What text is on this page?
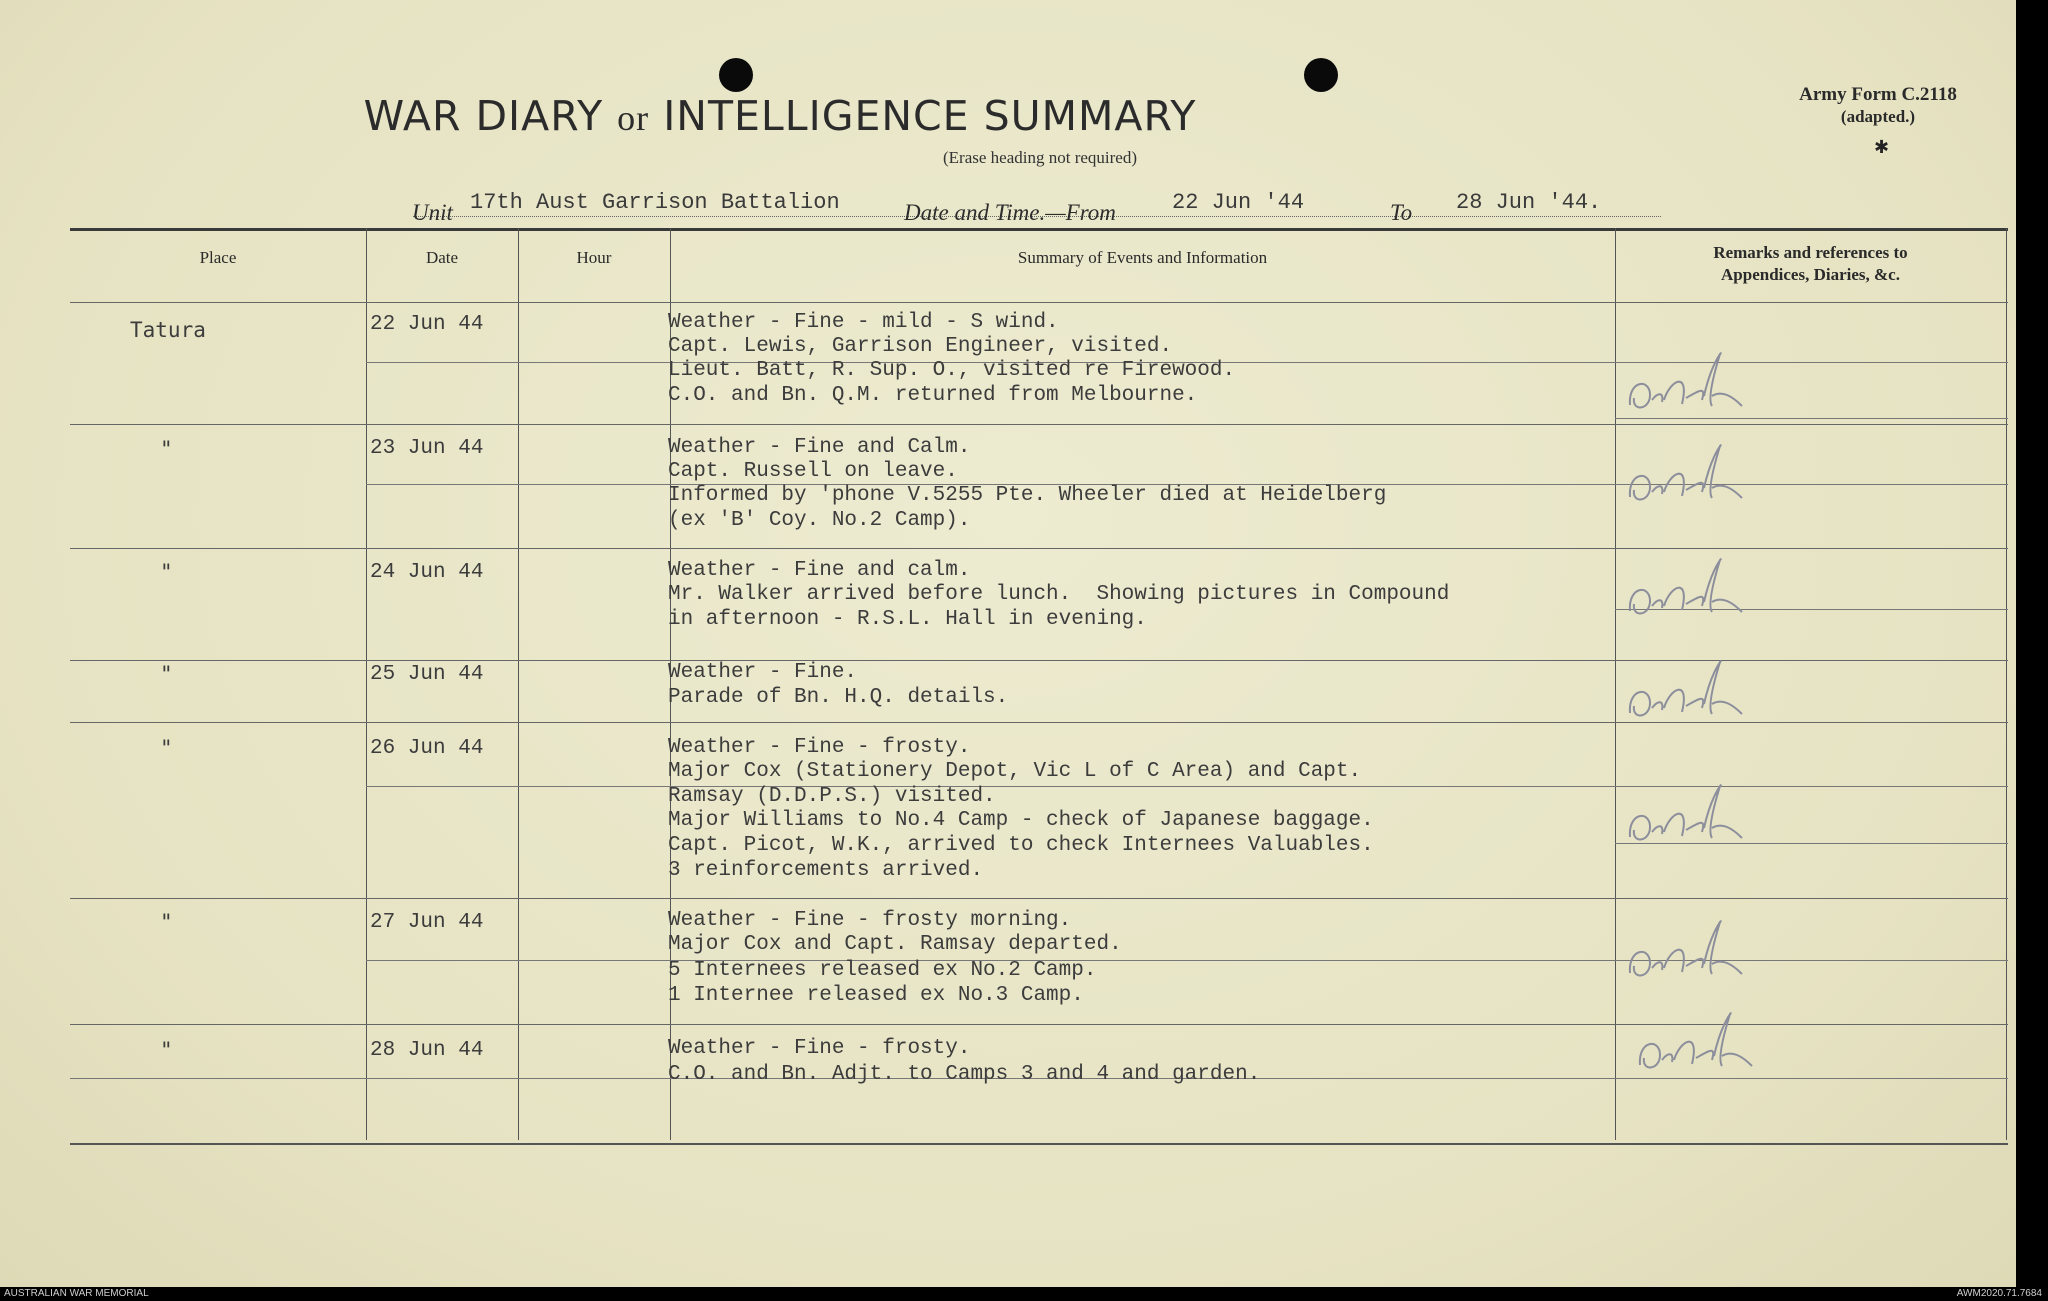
WAR DIARY or INTELLIGENCE SUMMARY
(Erase heading not required)
Army Form C.2118
(adapted.)
✱
Unit 17th Aust Garrison Battalion	Date and Time.—From	22 Jun '44	To 28 Jun '44.
Place	Date	Hour	Summary of Events and Information	Remarks and references to
Appendices, Diaries, &c.
Tatura	22 Jun 44	Weather - Fine - mild - S wind.
Capt. Lewis, Garrison Engineer, visited.
Lieut. Batt, R. Sup. O., visited re Firewood.
C.O. and Bn. Q.M. returned from Melbourne.
"	23 Jun 44	Weather - Fine and Calm.
Capt. Russell on leave.
Informed by 'phone V.5255 Pte. Wheeler died at Heidelberg
(ex 'B' Coy. No.2 Camp).
"	24 Jun 44	Weather - Fine and calm.
Mr. Walker arrived before lunch.  Showing pictures in Compound
in afternoon - R.S.L. Hall in evening.
"	25 Jun 44	Weather - Fine.
Parade of Bn. H.Q. details.
"	26 Jun 44	Weather - Fine - frosty.
Major Cox (Stationery Depot, Vic L of C Area) and Capt.
Ramsay (D.D.P.S.) visited.
Major Williams to No.4 Camp - check of Japanese baggage.
Capt. Picot, W.K., arrived to check Internees Valuables.
3 reinforcements arrived.
"	27 Jun 44	Weather - Fine - frosty morning.
Major Cox and Capt. Ramsay departed.
5 Internees released ex No.2 Camp.
1 Internee released ex No.3 Camp.
"	28 Jun 44	Weather - Fine - frosty.
C.O. and Bn. Adjt. to Camps 3 and 4 and garden.
AUSTRALIAN WAR MEMORIAL	AWM2020.71.7684
